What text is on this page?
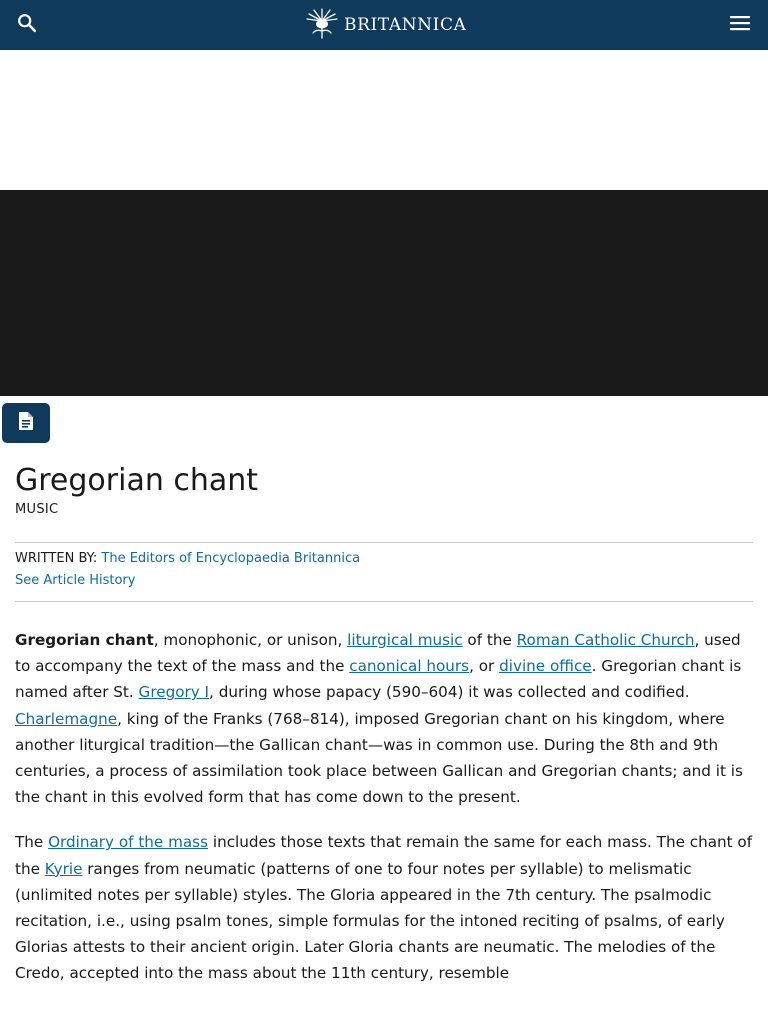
BRITANNICA
Gregorian chant
MUSIC
WRITTEN BY: The Editors of Encyclopaedia Britannica
See Article History

Gregorian chant, monophonic, or unison, liturgical music of the Roman Catholic Church, used to accompany the text of the mass and the canonical hours, or divine office. Gregorian chant is named after St. Gregory I, during whose papacy (590–604) it was collected and codified. Charlemagne, king of the Franks (768–814), imposed Gregorian chant on his kingdom, where another liturgical tradition—the Gallican chant—was in common use. During the 8th and 9th centuries, a process of assimilation took place between Gallican and Gregorian chants; and it is the chant in this evolved form that has come down to the present.

The Ordinary of the mass includes those texts that remain the same for each mass. The chant of the Kyrie ranges from neumatic (patterns of one to four notes per syllable) to melismatic (unlimited notes per syllable) styles. The Gloria appeared in the 7th century. The psalmodic recitation, i.e., using psalm tones, simple formulas for the intoned reciting of psalms, of early Glorias attests to their ancient origin. Later Gloria chants are neumatic. The melodies of the Credo, accepted into the mass about the 11th century, resemble
